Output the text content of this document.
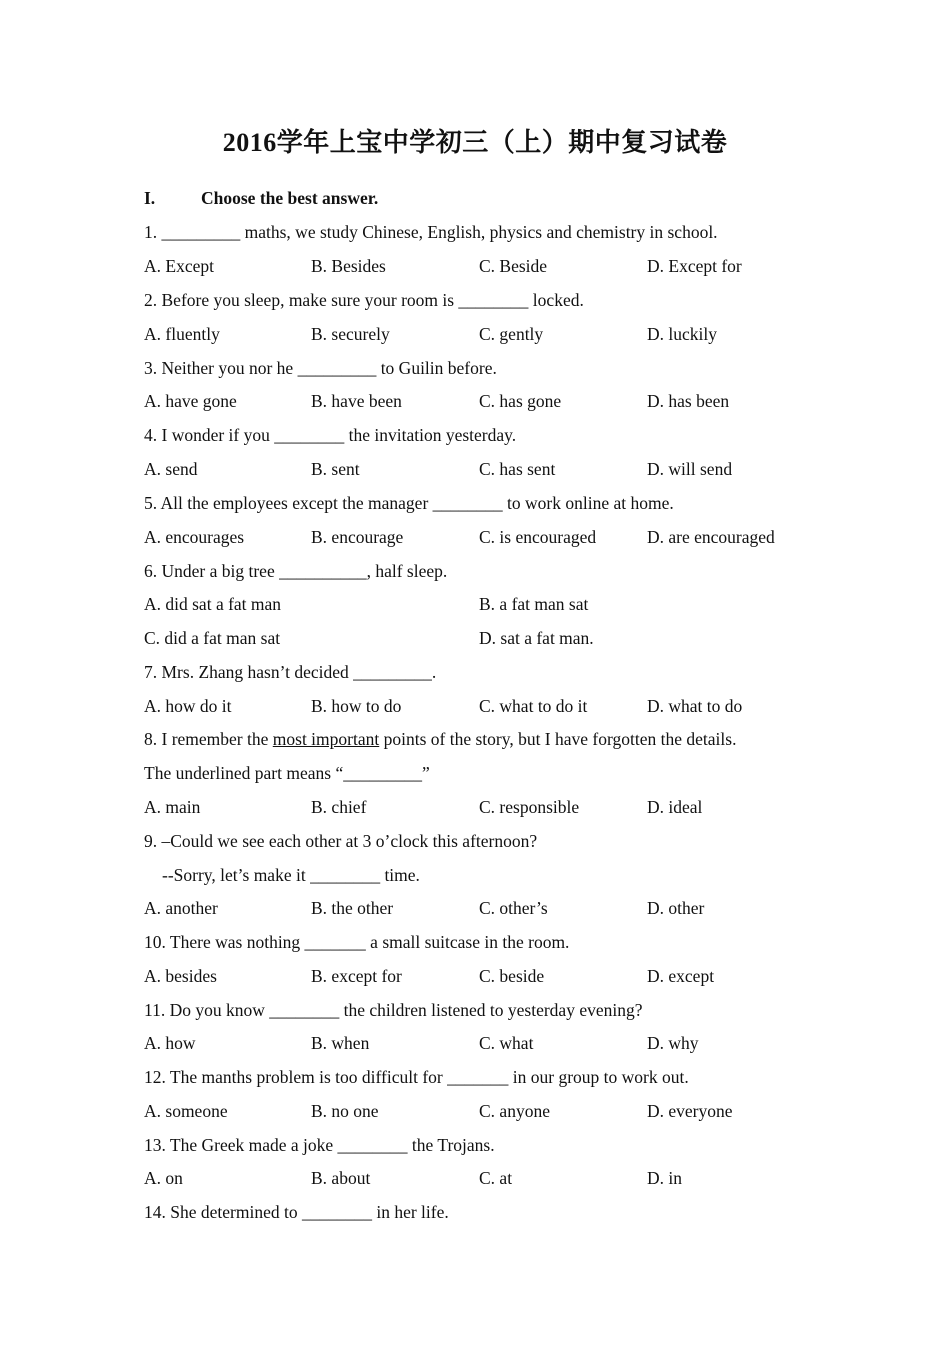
2016学年上宝中学初三（上）期中复习试卷
I.	Choose the best answer.
1. _________ maths, we study Chinese, English, physics and chemistry in school.
A. Except	B. Besides	C. Beside	D. Except for
2. Before you sleep, make sure your room is ________ locked.
A. fluently	B. securely	C. gently	D. luckily
3. Neither you nor he _________ to Guilin before.
A. have gone	B. have been	C. has gone	D. has been
4. I wonder if you ________ the invitation yesterday.
A. send	B. sent	C. has sent	D. will send
5. All the employees except the manager ________ to work online at home.
A. encourages	B. encourage	C. is encouraged	D. are encouraged
6. Under a big tree __________, half sleep.
A. did sat a fat man	B. a fat man sat
C. did a fat man sat	D. sat a fat man.
7. Mrs. Zhang hasn’t decided _________.
A. how do it	B. how to do	C. what to do it	D. what to do
8. I remember the most important points of the story, but I have forgotten the details.
The underlined part means “_________”
A. main	B. chief	C. responsible	D. ideal
9. –Could we see each other at 3 o’clock this afternoon?
--Sorry, let’s make it ________ time.
A. another	B. the other	C. other’s	D. other
10. There was nothing _______ a small suitcase in the room.
A. besides	B. except for	C. beside	D. except
11. Do you know ________ the children listened to yesterday evening?
A. how	B. when	C. what	D. why
12. The manths problem is too difficult for _______ in our group to work out.
A. someone	B. no one	C. anyone	D. everyone
13. The Greek made a joke ________ the Trojans.
A. on	B. about	C. at	D. in
14. She determined to ________ in her life.
